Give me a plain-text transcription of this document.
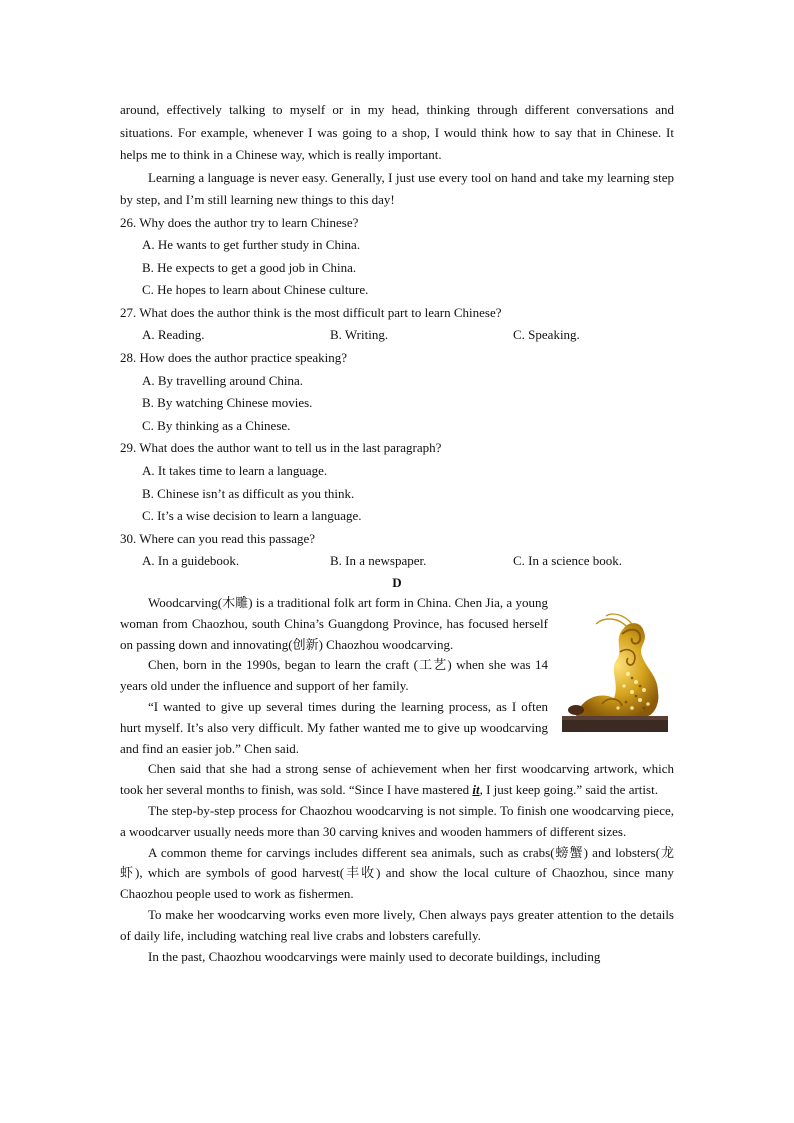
around, effectively talking to myself or in my head, thinking through different conversations and situations. For example, whenever I was going to a shop, I would think how to say that in Chinese. It helps me to think in a Chinese way, which is really important.

Learning a language is never easy. Generally, I just use every tool on hand and take my learning step by step, and I’m still learning new things to this day!

26. Why does the author try to learn Chinese?

A. He wants to get further study in China.

B. He expects to get a good job in China.

C. He hopes to learn about Chinese culture.

27. What does the author think is the most difficult part to learn Chinese?

A. Reading.	B. Writing.	C. Speaking.

28. How does the author practice speaking?

A. By travelling around China.

B. By watching Chinese movies.

C. By thinking as a Chinese.

29. What does the author want to tell us in the last paragraph?

A. It takes time to learn a language.

B. Chinese isn’t as difficult as you think.

C. It’s a wise decision to learn a language.

30. Where can you read this passage?

A. In a guidebook.	B. In a newspaper.	C. In a science book.

D

Woodcarving(木雕) is a traditional folk art form in China. Chen Jia, a young woman from Chaozhou, south China’s Guangdong Province, has focused herself on passing down and innovating(创新) Chaozhou woodcarving.

Chen, born in the 1990s, began to learn the craft (工艺) when she was 14 years old under the influence and support of her family.

“I wanted to give up several times during the learning process, as I often hurt myself. It’s also very difficult. My father wanted me to give up woodcarving and find an easier job.” Chen said.

Chen said that she had a strong sense of achievement when her first woodcarving artwork, which took her several months to finish, was sold. “Since I have mastered it, I just keep going.” said the artist.

The step-by-step process for Chaozhou woodcarving is not simple. To finish one woodcarving piece, a woodcarver usually needs more than 30 carving knives and wooden hammers of different sizes.

A common theme for carvings includes different sea animals, such as crabs(螃蟹) and lobsters(龙虾), which are symbols of good harvest(丰收) and show the local culture of Chaozhou, since many Chaozhou people used to work as fishermen.

To make her woodcarving works even more lively, Chen always pays greater attention to the details of daily life, including watching real live crabs and lobsters carefully.

In the past, Chaozhou woodcarvings were mainly used to decorate buildings, including
